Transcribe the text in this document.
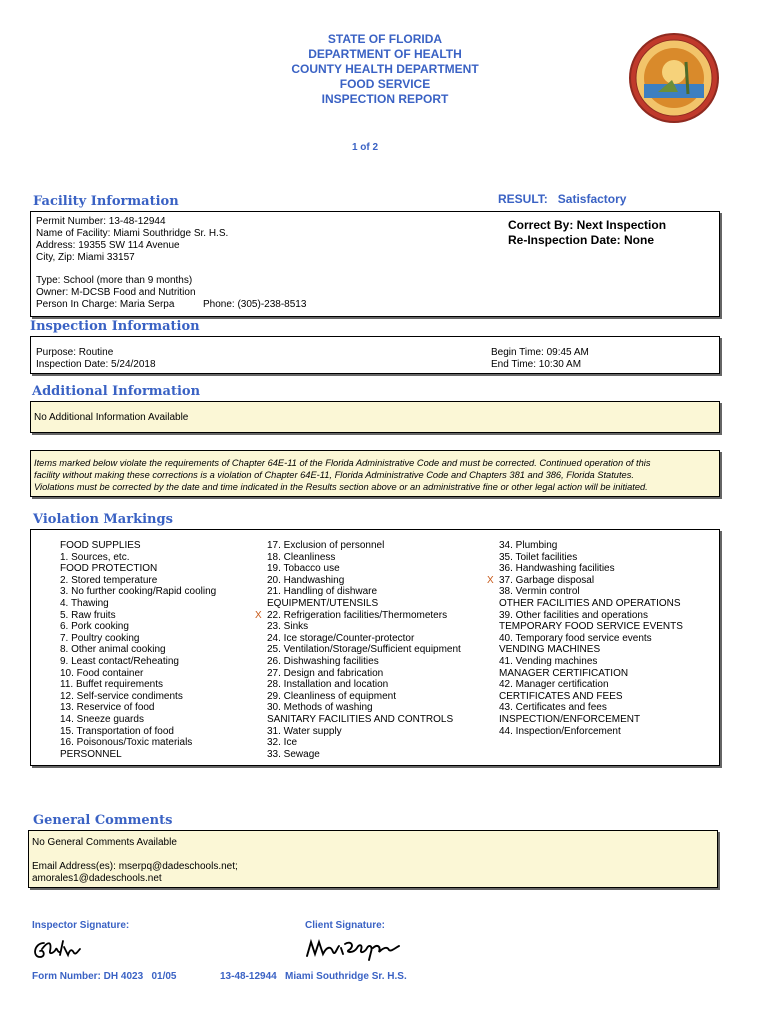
STATE OF FLORIDA
DEPARTMENT OF HEALTH
COUNTY HEALTH DEPARTMENT
FOOD SERVICE
INSPECTION REPORT
1 of 2
Facility Information	RESULT:   Satisfactory
Permit Number: 13-48-12944
Name of Facility: Miami Southridge Sr. H.S.
Address: 19355 SW 114 Avenue
City, Zip: Miami 33157
Correct By: Next Inspection
Re-Inspection Date: None
Type: School (more than 9 months)
Owner: M-DCSB Food and Nutrition
Person In Charge: Maria Serpa	Phone: (305)-238-8513
Inspection Information
Purpose: Routine
Inspection Date: 5/24/2018
Begin Time: 09:45 AM
End Time: 10:30 AM
Additional Information
No Additional Information Available
Items marked below violate the requirements of Chapter 64E-11 of the Florida Administrative Code and must be corrected. Continued operation of this
facility without making these corrections is a violation of Chapter 64E-11, Florida Administrative Code and Chapters 381 and 386, Florida Statutes.
Violations must be corrected by the date and time indicated in the Results section above or an administrative fine or other legal action will be initiated.
Violation Markings
FOOD SUPPLIES
1. Sources, etc.
FOOD PROTECTION
2. Stored temperature
3. No further cooking/Rapid cooling
4. Thawing
5. Raw fruits
6. Pork cooking
7. Poultry cooking
8. Other animal cooking
9. Least contact/Reheating
10. Food container
11. Buffet requirements
12. Self-service condiments
13. Reservice of food
14. Sneeze guards
15. Transportation of food
16. Poisonous/Toxic materials
PERSONNEL
17. Exclusion of personnel
18. Cleanliness
19. Tobacco use
20. Handwashing
21. Handling of dishware
EQUIPMENT/UTENSILS
22. Refrigeration facilities/Thermometers
X
23. Sinks
24. Ice storage/Counter-protector
25. Ventilation/Storage/Sufficient equipment
26. Dishwashing facilities
27. Design and fabrication
28. Installation and location
29. Cleanliness of equipment
30. Methods of washing
SANITARY FACILITIES AND CONTROLS
31. Water supply
32. Ice
33. Sewage
34. Plumbing
35. Toilet facilities
36. Handwashing facilities
37. Garbage disposal
X
38. Vermin control
OTHER FACILITIES AND OPERATIONS
39. Other facilities and operations
TEMPORARY FOOD SERVICE EVENTS
40. Temporary food service events
VENDING MACHINES
41. Vending machines
MANAGER CERTIFICATION
42. Manager certification
CERTIFICATES AND FEES
43. Certificates and fees
INSPECTION/ENFORCEMENT
44. Inspection/Enforcement
General Comments
No General Comments Available
Email Address(es): mserpq@dadeschools.net;
amorales1@dadeschools.net
Inspector Signature:	Client Signature:
Form Number: DH 4023   01/05	13-48-12944   Miami Southridge Sr. H.S.
